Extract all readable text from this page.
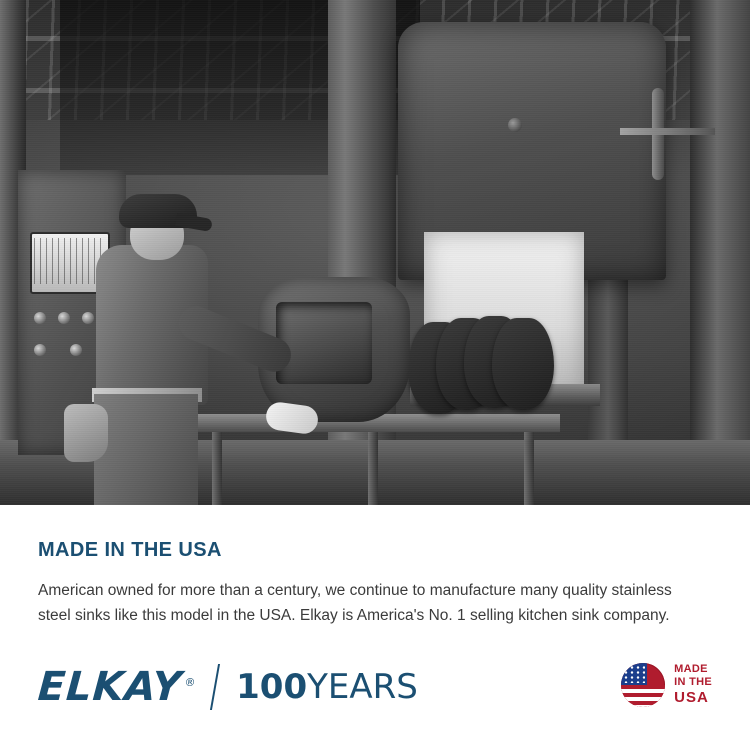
MADE IN THE USA

American owned for more than a century, we continue to manufacture many quality stainless steel sinks like this model in the USA. Elkay is America's No. 1 selling kitchen sink company.

ELKAY® 100YEARS	MADE
IN THE
USA
